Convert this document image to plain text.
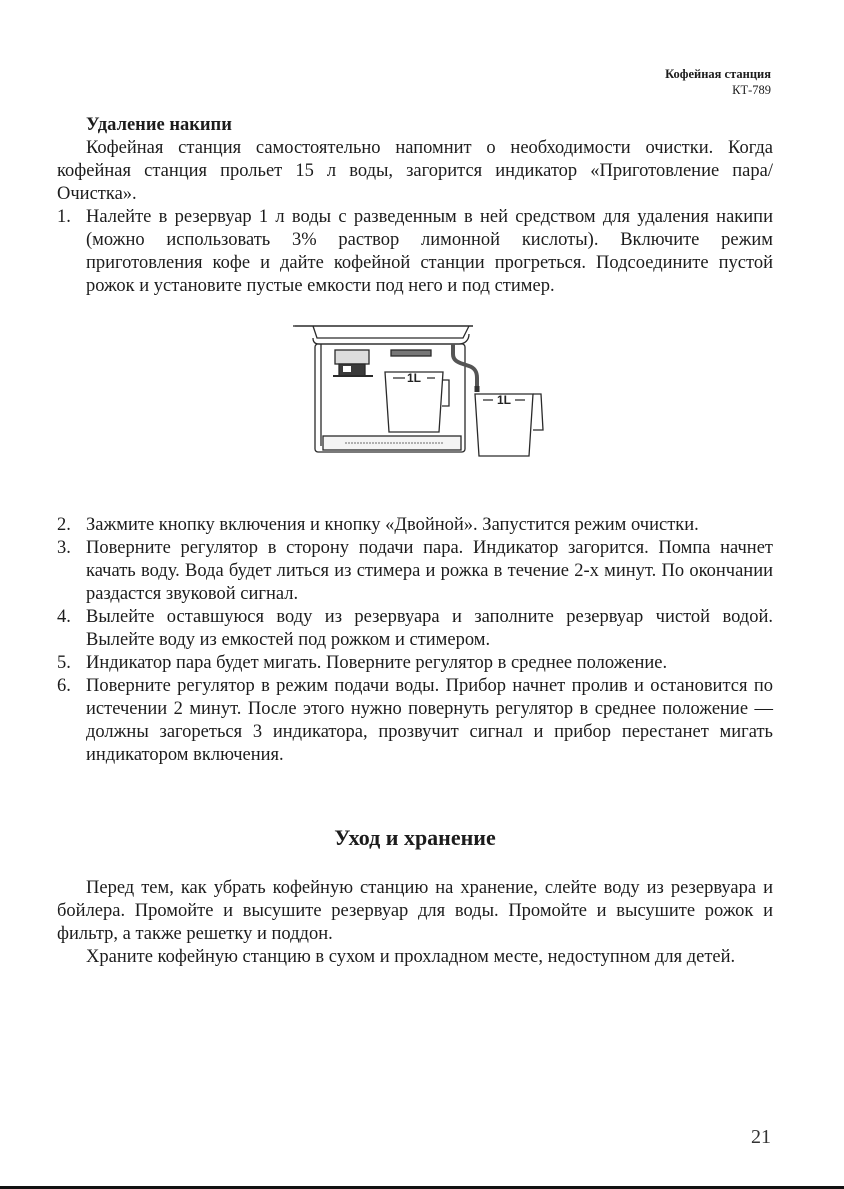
Кофейная станция
КТ-789
Удаление накипи

Кофейная станция самостоятельно напомнит о необходимости очистки. Когда кофейная станция прольет 15 л воды, загорится индикатор «Приготовление пара/Очистка».

1. Налейте в резервуар 1 л воды с разведенным в ней средством для удаления накипи (можно использовать 3% раствор лимонной кислоты). Включите режим приготовления кофе и дайте кофейной станции прогреться. Подсоедините пустой рожок и установите пустые емкости под него и под стимер.
1L
1L
2. Зажмите кнопку включения и кнопку «Двойной». Запустится режим очистки.
3. Поверните регулятор в сторону подачи пара. Индикатор загорится. Помпа начнет качать воду. Вода будет литься из стимера и рожка в течение 2-х минут. По окончании раздастся звуковой сигнал.
4. Вылейте оставшуюся воду из резервуара и заполните резервуар чистой водой. Вылейте воду из емкостей под рожком и стимером.
5. Индикатор пара будет мигать. Поверните регулятор в среднее положение.
6. Поверните регулятор в режим подачи воды. Прибор начнет пролив и остановится по истечении 2 минут. После этого нужно повернуть регулятор в среднее положение — должны загореться 3 индикатора, прозвучит сигнал и прибор перестанет мигать индикатором включения.
Уход и хранение

Перед тем, как убрать кофейную станцию на хранение, слейте воду из резервуара и бойлера. Промойте и высушите резервуар для воды. Промойте и высушите рожок и фильтр, а также решетку и поддон.

Храните кофейную станцию в сухом и прохладном месте, недоступном для детей.

21
